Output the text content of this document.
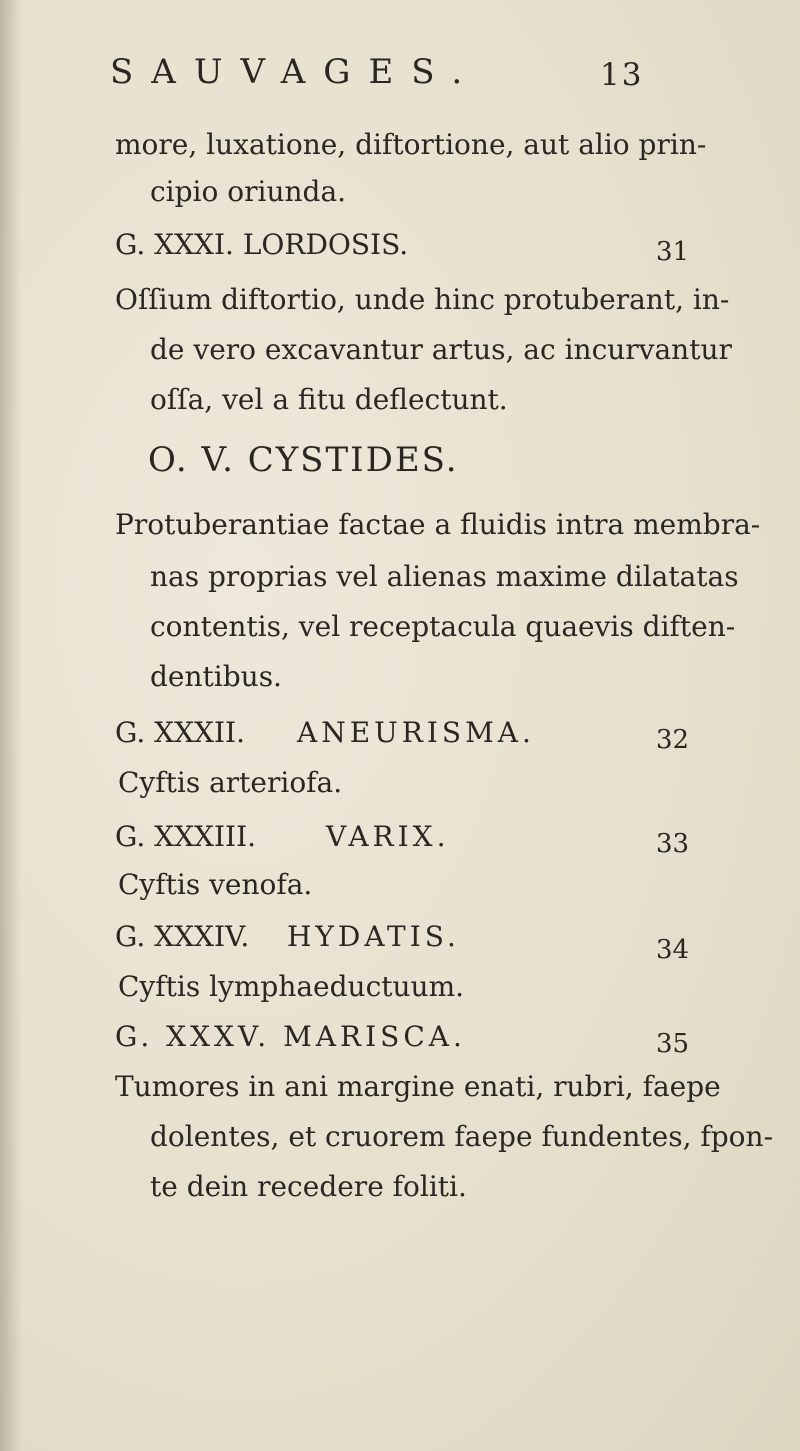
SAUVAGES.	13
more, luxatione, diftortione, aut alio prin-
cipio oriunda.
G. XXXI. LORDOSIS.	31
Oſſium diftortio, unde hinc protuberant, in-
de vero excavantur artus, ac incurvantur
oſſa, vel a fitu deflectunt.
O. V. CYSTIDES.
Protuberantiae factae a fluidis intra membra-
nas proprias vel alienas maxime dilatatas
contentis, vel receptacula quaevis diften-
dentibus.
G. XXXII. ANEURISMA.	32
Cyftis arteriofa.
G. XXXIII. VARIX.	33
Cyftis venofa.
G. XXXIV. HYDATIS.	34
Cyftis lymphaeductuum.
G. XXXV. MARISCA.	35
Tumores in ani margine enati, rubri, faepe
dolentes, et cruorem faepe fundentes, fpon-
te dein recedere foliti.
